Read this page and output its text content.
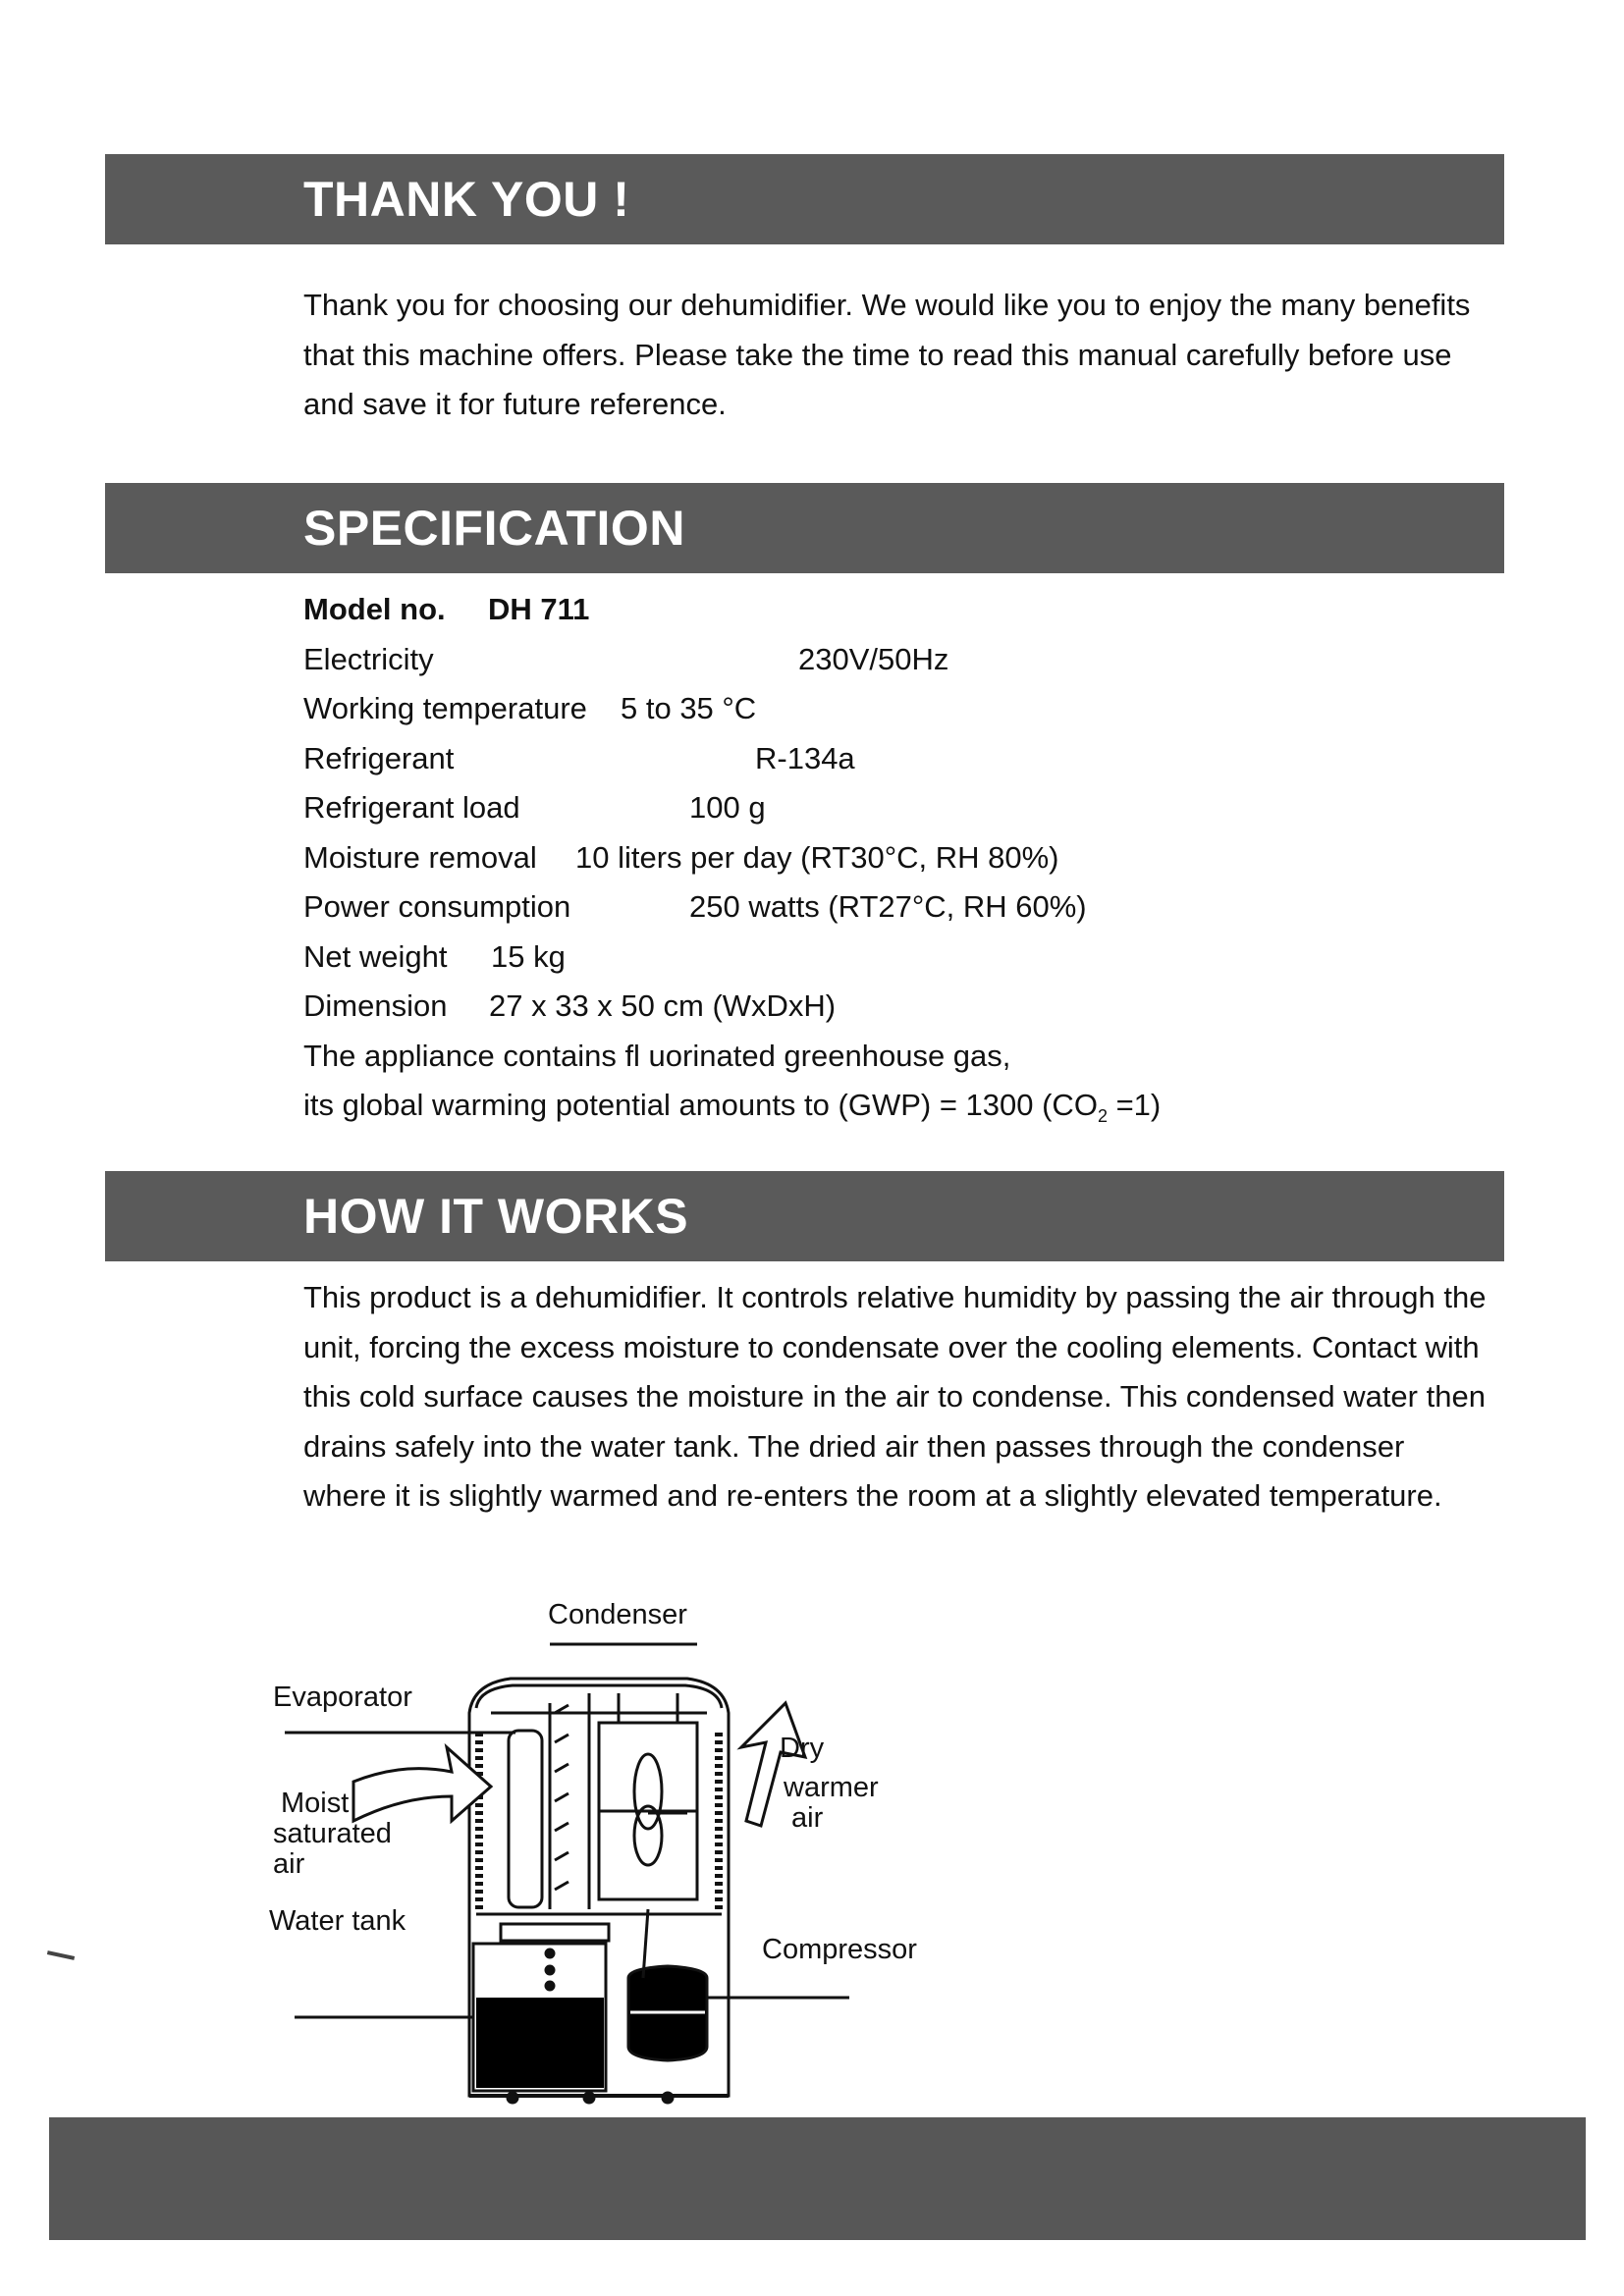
THANK YOU !

Thank you for choosing our dehumidifier. We would like you to enjoy the many benefits that this machine offers. Please take the time to read this manual carefully before use and save it for future reference.

SPECIFICATION
Model no. DH 711
Electricity	230V/50Hz
Working temperature 5 to 35 °C
Refrigerant	R-134a
Refrigerant load	100 g
Moisture removal 10 liters per day (RT30°C, RH 80%)
Power consumption	250 watts (RT27°C, RH 60%)
Net weight 15 kg
Dimension 27 x 33 x 50 cm (WxDxH)
The appliance contains fl uorinated greenhouse gas,
its global warming potential amounts to (GWP) = 1300 $(CO_2 =1)$
HOW IT WORKS

This product is a dehumidifier. It controls relative humidity by passing the air through the unit, forcing the excess moisture to condensate over the cooling elements. Contact with this cold surface causes the moisture in the air to condense. This condensed water then drains safely into the water tank. The dried air then passes through the condenser where it is slightly warmed and re-enters the room at a slightly elevated temperature.

Condenser
Evaporator
Dry
warmer
air
Moist
saturated
air
Water tank
Compressor
